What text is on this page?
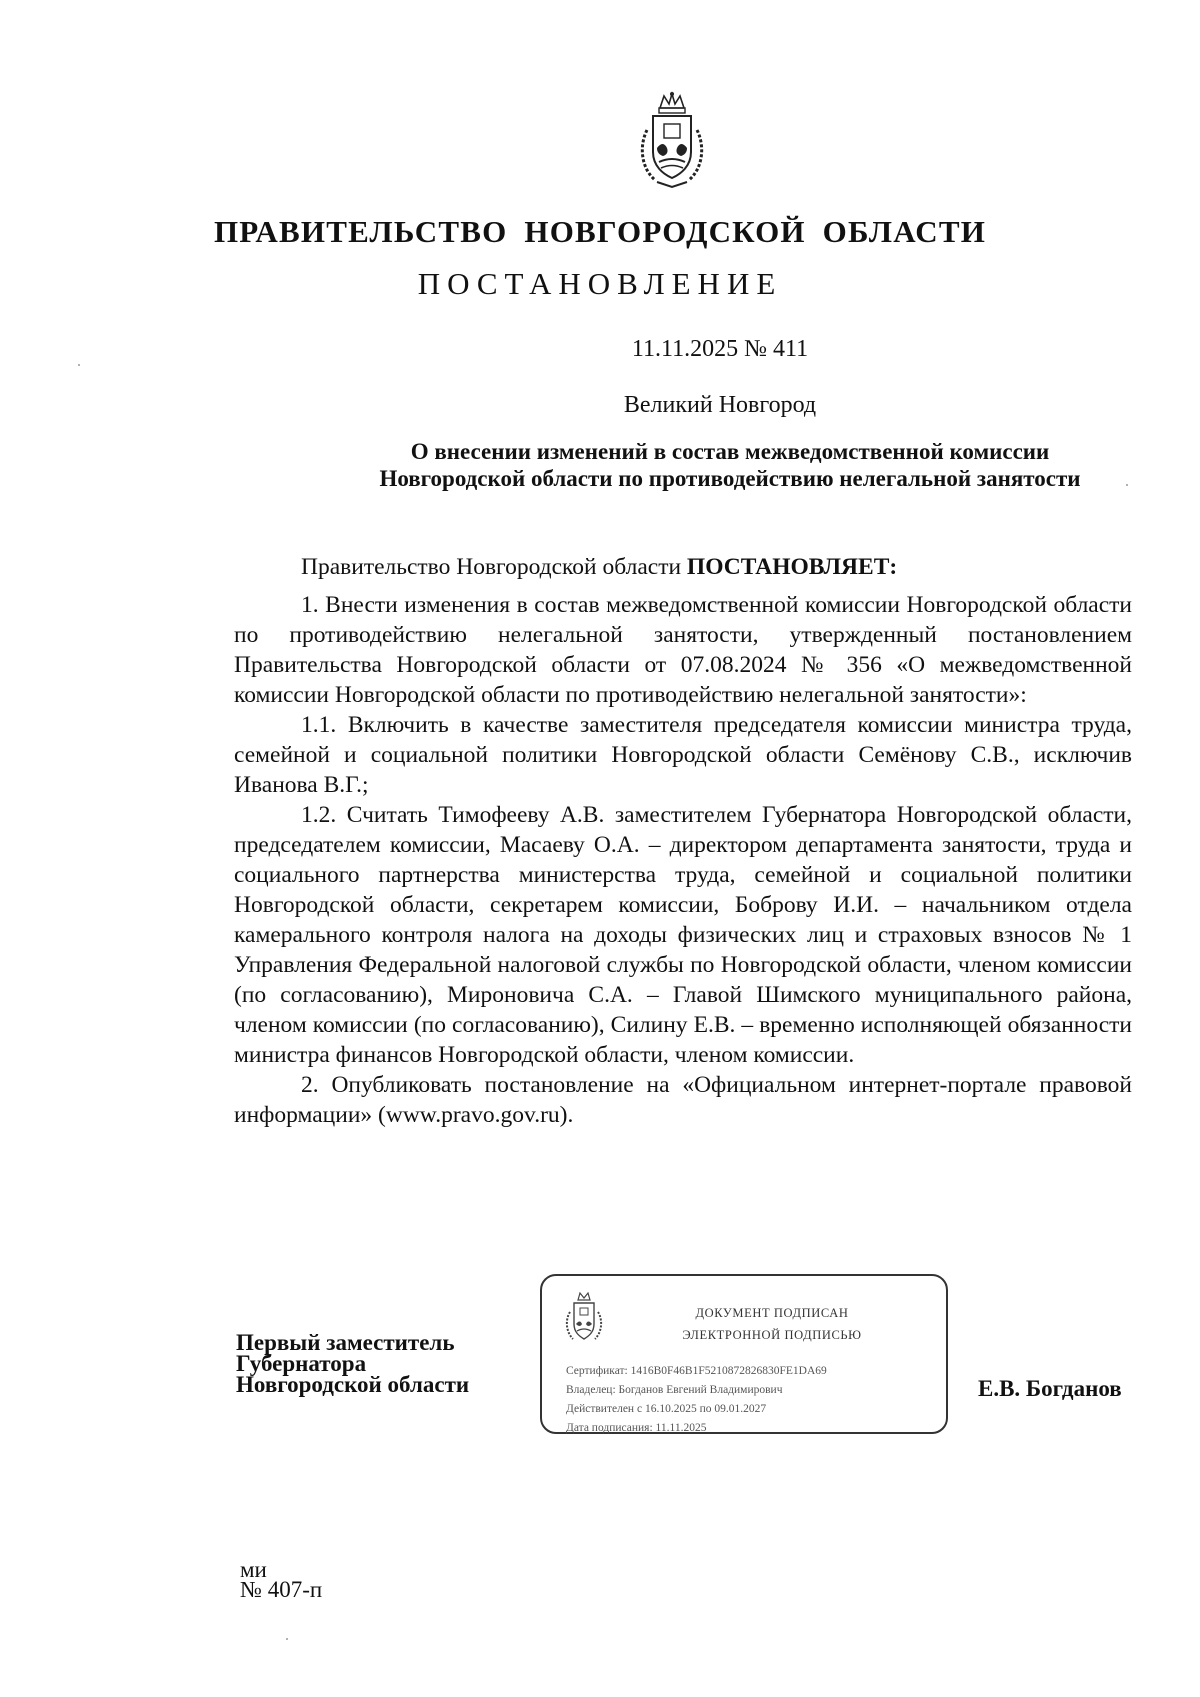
ПРАВИТЕЛЬСТВО НОВГОРОДСКОЙ ОБЛАСТИ
ПОСТАНОВЛЕНИЕ
11.11.2025 № 411
Великий Новгород
О внесении изменений в состав межведомственной комиссии
Новгородской области по противодействию нелегальной занятости

Правительство Новгородской области ПОСТАНОВЛЯЕТ:

1. Внести изменения в состав межведомственной комиссии Новгородской области по противодействию нелегальной занятости, утвержденный постановлением Правительства Новгородской области от 07.08.2024 № 356 «О межведомственной комиссии Новгородской области по противодействию нелегальной занятости»:

1.1. Включить в качестве заместителя председателя комиссии министра труда, семейной и социальной политики Новгородской области Семёнову С.В., исключив Иванова В.Г.;

1.2. Считать Тимофееву А.В. заместителем Губернатора Новгородской области, председателем комиссии, Масаеву О.А. – директором департамента занятости, труда и социального партнерства министерства труда, семейной и социальной политики Новгородской области, секретарем комиссии, Боброву И.И. – начальником отдела камерального контроля налога на доходы физических лиц и страховых взносов № 1 Управления Федеральной налоговой службы по Новгородской области, членом комиссии (по согласованию), Мироновича С.А. – Главой Шимского муниципального района, членом комиссии (по согласованию), Силину Е.В. – временно исполняющей обязанности министра финансов Новгородской области, членом комиссии.

2. Опубликовать постановление на «Официальном интернет-портале правовой информации» (www.pravo.gov.ru).

Первый заместитель
Губернатора
Новгородской области
ДОКУМЕНТ ПОДПИСАН
ЭЛЕКТРОННОЙ ПОДПИСЬЮ
Сертификат: 1416B0F46B1F5210872826830FE1DA69
Владелец: Богданов Евгений Владимирович
Действителен с 16.10.2025 по 09.01.2027
Дата подписания: 11.11.2025
Е.В. Богданов
ми
№ 407-п
